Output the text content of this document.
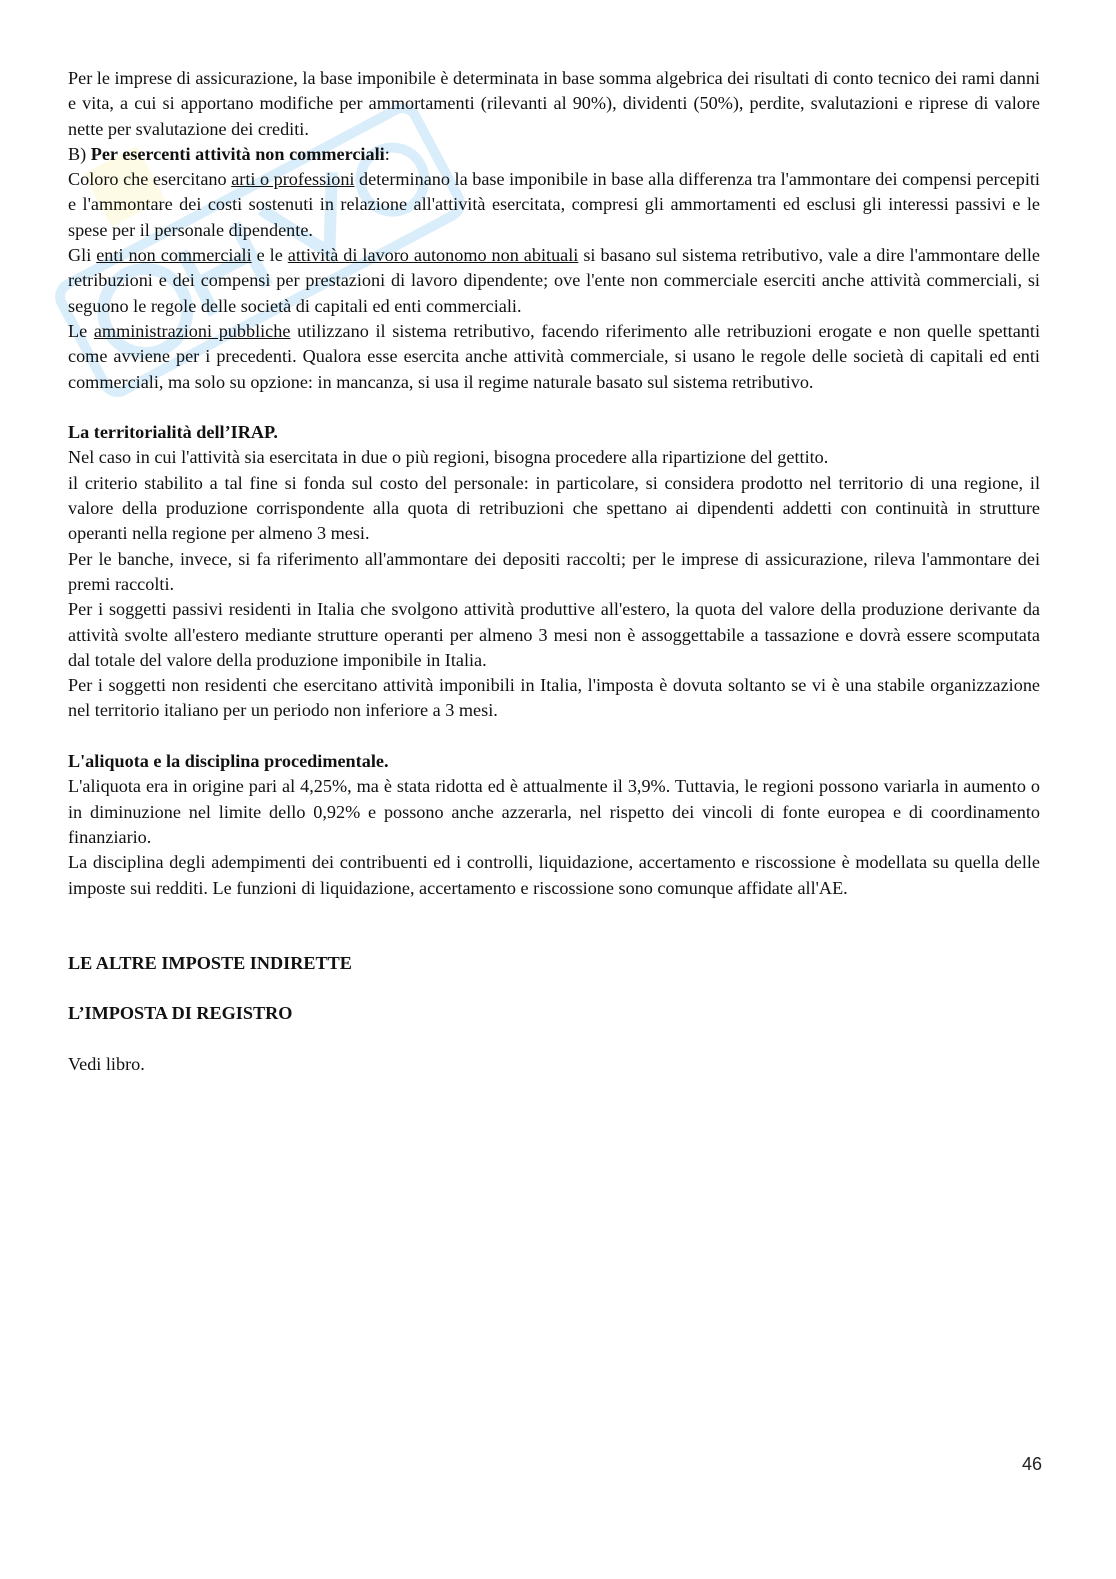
Per le imprese di assicurazione, la base imponibile è determinata in base somma algebrica dei risultati di conto tecnico dei rami danni e vita, a cui si apportano modifiche per ammortamenti (rilevanti al 90%), dividenti (50%), perdite, svalutazioni e riprese di valore nette per svalutazione dei crediti.

B) Per esercenti attività non commerciali:

Coloro che esercitano arti o professioni determinano la base imponibile in base alla differenza tra l'ammontare dei compensi percepiti e l'ammontare dei costi sostenuti in relazione all'attività esercitata, compresi gli ammortamenti ed esclusi gli interessi passivi e le spese per il personale dipendente.

Gli enti non commerciali e le attività di lavoro autonomo non abituali si basano sul sistema retributivo, vale a dire l'ammontare delle retribuzioni e dei compensi per prestazioni di lavoro dipendente; ove l'ente non commerciale eserciti anche attività commerciali, si seguono le regole delle società di capitali ed enti commerciali.

Le amministrazioni pubbliche utilizzano il sistema retributivo, facendo riferimento alle retribuzioni erogate e non quelle spettanti come avviene per i precedenti. Qualora esse esercita anche attività commerciale, si usano le regole delle società di capitali ed enti commerciali, ma solo su opzione: in mancanza, si usa il regime naturale basato sul sistema retributivo.

La territorialità dell’IRAP.

Nel caso in cui l'attività sia esercitata in due o più regioni, bisogna procedere alla ripartizione del gettito.

il criterio stabilito a tal fine si fonda sul costo del personale: in particolare, si considera prodotto nel territorio di una regione, il valore della produzione corrispondente alla quota di retribuzioni che spettano ai dipendenti addetti con continuità in strutture operanti nella regione per almeno 3 mesi.

Per le banche, invece, si fa riferimento all'ammontare dei depositi raccolti; per le imprese di assicurazione, rileva l'ammontare dei premi raccolti.

Per i soggetti passivi residenti in Italia che svolgono attività produttive all'estero, la quota del valore della produzione derivante da attività svolte all'estero mediante strutture operanti per almeno 3 mesi non è assoggettabile a tassazione e dovrà essere scomputata dal totale del valore della produzione imponibile in Italia.

Per i soggetti non residenti che esercitano attività imponibili in Italia, l'imposta è dovuta soltanto se vi è una stabile organizzazione nel territorio italiano per un periodo non inferiore a 3 mesi.

L'aliquota e la disciplina procedimentale.

L'aliquota era in origine pari al 4,25%, ma è stata ridotta ed è attualmente il 3,9%. Tuttavia, le regioni possono variarla in aumento o in diminuzione nel limite dello 0,92% e possono anche azzerarla, nel rispetto dei vincoli di fonte europea e di coordinamento finanziario.

La disciplina degli adempimenti dei contribuenti ed i controlli, liquidazione, accertamento e riscossione è modellata su quella delle imposte sui redditi. Le funzioni di liquidazione, accertamento e riscossione sono comunque affidate all'AE.

LE ALTRE IMPOSTE INDIRETTE

L’IMPOSTA DI REGISTRO

Vedi libro.

46
